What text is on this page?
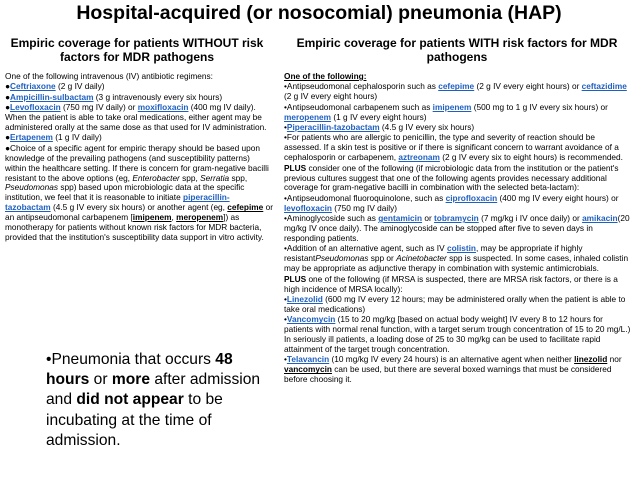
Hospital-acquired (or nosocomial) pneumonia (HAP)
Empiric coverage for patients WITHOUT risk factors for MDR pathogens
Empiric coverage for patients WITH risk factors for MDR pathogens

One of the following intravenous (IV) antibiotic regimens:

●Ceftriaxone (2 g IV daily)

●Ampicillin-sulbactam (3 g intravenously every six hours)

●Levofloxacin (750 mg IV daily) or moxifloxacin (400 mg IV daily). When the patient is able to take oral medications, either agent may be administered orally at the same dose as that used for IV administration.

●Ertapenem (1 g IV daily)

●Choice of a specific agent for empiric therapy should be based upon knowledge of the prevailing pathogens (and susceptibility patterns) within the healthcare setting. If there is concern for gram-negative bacilli resistant to the above options (eg, Enterobacter spp, Serratia spp, Pseudomonas spp) based upon microbiologic data at the specific institution, we feel that it is reasonable to initiate piperacillin-tazobactam (4.5 g IV every six hours) or another agent (eg, cefepime or an antipseudomonal carbapenem [imipenem, meropenem]) as monotherapy for patients without known risk factors for MDR bacteria, provided that the institution's susceptibility data support in vitro activity.

•Pneumonia that occurs 48 hours or more after admission and did not appear to be incubating at the time of admission.

One of the following:

•Antipseudomonal cephalosporin such as cefepime (2 g IV every eight hours) or ceftazidime (2 g IV every eight hours)

•Antipseudomonal carbapenem such as imipenem (500 mg to 1 g IV every six hours) or meropenem (1 g IV every eight hours)

•Piperacillin-tazobactam (4.5 g IV every six hours)

•For patients who are allergic to penicillin, the type and severity of reaction should be assessed. If a skin test is positive or if there is significant concern to warrant avoidance of a cephalosporin or carbapenem, aztreonam (2 g IV every six to eight hours) is recommended.

PLUS consider one of the following (if microbiologic data from the institution or the patient's previous cultures suggest that one of the following agents provides necessary additional coverage for gram-negative bacilli in combination with the selected beta-lactam):

•Antipseudomonal fluoroquinolone, such as ciprofloxacin (400 mg IV every eight hours) or levofloxacin (750 mg IV daily)

•Aminoglycoside such as gentamicin or tobramycin (7 mg/kg i IV once daily) or amikacin(20 mg/kg IV once daily). The aminoglycoside can be stopped after five to seven days in responding patients.

•Addition of an alternative agent, such as IV colistin, may be appropriate if highly resistantPseudomonas spp or Acinetobacter spp is suspected. In some cases, inhaled colistin may be appropriate as adjunctive therapy in combination with systemic antimicrobials.

PLUS one of the following (if MRSA is suspected, there are MRSA risk factors, or there is a high incidence of MRSA locally):

•Linezolid (600 mg IV every 12 hours; may be administered orally when the patient is able to take oral medications)

•Vancomycin (15 to 20 mg/kg [based on actual body weight] IV every 8 to 12 hours for patients with normal renal function, with a target serum trough concentration of 15 to 20 mg/L.) In seriously ill patients, a loading dose of 25 to 30 mg/kg can be used to facilitate rapid attainment of the target trough concentration.

•Telavancin (10 mg/kg IV every 24 hours) is an alternative agent when neither linezolid nor vancomycin can be used, but there are several boxed warnings that must be considered before choosing it.
